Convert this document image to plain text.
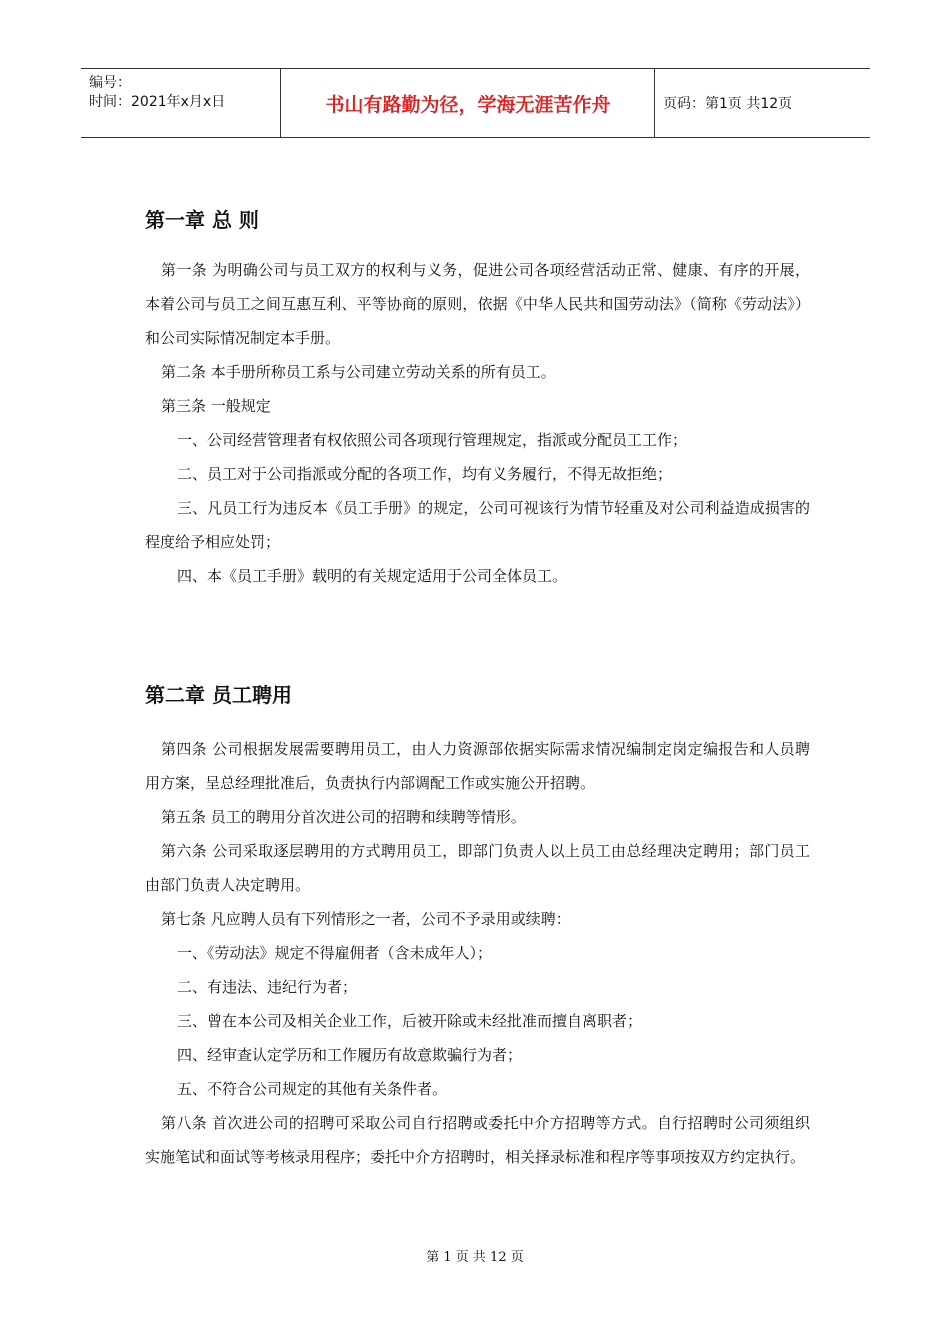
编号：
时间：2021年x月x日	书山有路勤为径，学海无涯苦作舟	页码：第1页 共12页
第一章 总 则

第一条 为明确公司与员工双方的权利与义务，促进公司各项经营活动正常、健康、有序的开展，本着公司与员工之间互惠互利、平等协商的原则，依据《中华人民共和国劳动法》（简称《劳动法》）和公司实际情况制定本手册。

第二条 本手册所称员工系与公司建立劳动关系的所有员工。

第三条 一般规定

一、公司经营管理者有权依照公司各项现行管理规定，指派或分配员工工作；

二、员工对于公司指派或分配的各项工作，均有义务履行，不得无故拒绝；

三、凡员工行为违反本《员工手册》的规定，公司可视该行为情节轻重及对公司利益造成损害的程度给予相应处罚；

四、本《员工手册》载明的有关规定适用于公司全体员工。

第二章 员工聘用

第四条 公司根据发展需要聘用员工，由人力资源部依据实际需求情况编制定岗定编报告和人员聘用方案，呈总经理批准后，负责执行内部调配工作或实施公开招聘。

第五条 员工的聘用分首次进公司的招聘和续聘等情形。

第六条 公司采取逐层聘用的方式聘用员工，即部门负责人以上员工由总经理决定聘用；部门员工由部门负责人决定聘用。

第七条 凡应聘人员有下列情形之一者，公司不予录用或续聘：

一、《劳动法》规定不得雇佣者（含未成年人）；

二、有违法、违纪行为者；

三、曾在本公司及相关企业工作，后被开除或未经批准而擅自离职者；

四、经审查认定学历和工作履历有故意欺骗行为者；

五、不符合公司规定的其他有关条件者。

第八条 首次进公司的招聘可采取公司自行招聘或委托中介方招聘等方式。自行招聘时公司须组织实施笔试和面试等考核录用程序；委托中介方招聘时，相关择录标准和程序等事项按双方约定执行。

第 1 页 共 12 页
